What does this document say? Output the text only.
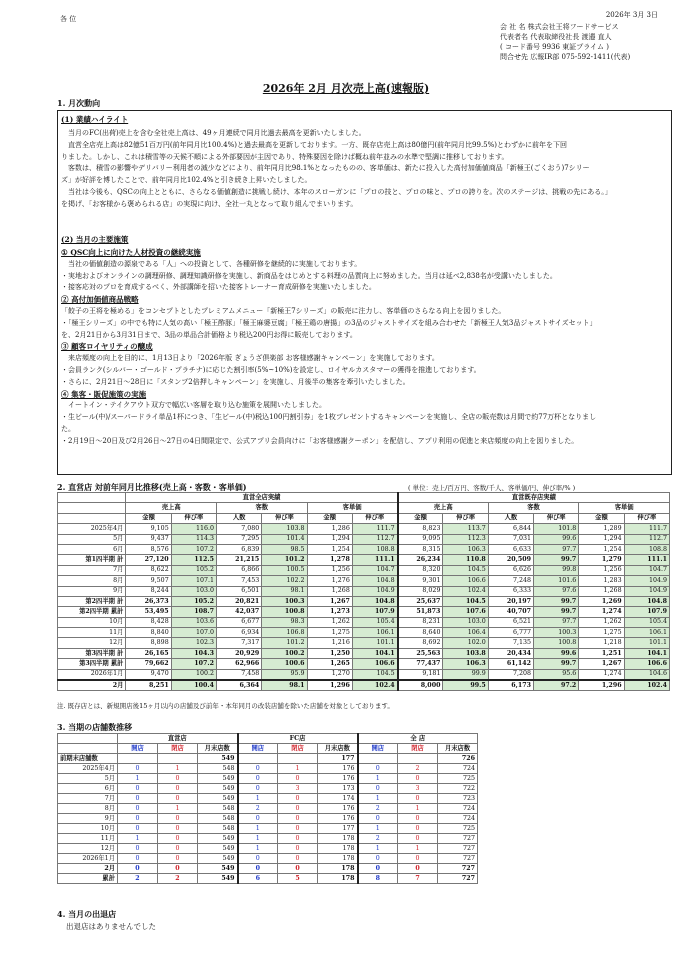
各 位	2026年 3月 3日
会 社 名 株式会社王将フードサービス
代表者名 代表取締役社長 渡邉 直人
( コード番号 9936 東証プライム )
問合せ先 広報IR部 075-592-1411(代表)
2026年 2月 月次売上高(速報版)
1. 月次動向
(1) 業績ハイライト
　当月のFC(出荷)売上を含む全社売上高は、49ヶ月連続で同月比過去最高を更新いたしました。
　直営全店売上高は82億51百万円(前年同月比100.4%)と過去最高を更新しております。一方、既存店売上高は80億円(前年同月比99.5%)とわずかに前年を下回
りました。しかし、これは積雪等の天候不順による外部要因が主因であり、特殊要因を除けば概ね前年並みの水準で堅調に推移しております。
　客数は、積雪の影響やデリバリー利用者の減少などにより、前年同月比98.1%となったものの、客単価は、新たに投入した高付加価値商品「新極王(ごくおう)7シリー
ズ」が好評を博したことで、前年同月比102.4%と引き続き上昇いたしました。
　当社は今後も、QSCの向上とともに、さらなる価値創造に挑戦し続け、本年のスローガンに「プロの技と、プロの味と、プロの誇りを。次のステージは、挑戦の先にある。」
を掲げ、「お客様から褒められる店」の実現に向け、全社一丸となって取り組んでまいります。
(2) 当月の主要施策
① QSC向上に向けた人材投資の継続実施
　当社の価値創造の源泉である「人」への投資として、各種研修を継続的に実施しております。
・実地およびオンラインの調理研修、調理知識研修を実施し、新商品をはじめとする料理の品質向上に努めました。当月は延べ2,838名が受講いたしました。
・接客応対のプロを育成するべく、外部講師を招いた接客トレーナー育成研修を実施いたしました。
② 高付加価値商品戦略
「餃子の王将を極める」をコンセプトとしたプレミアムメニュー「新極王7シリーズ」の販売に注力し、客単価のさらなる向上を図りました。
・「極王シリーズ」の中でも特に人気の高い「極王酢豚」「極王麻婆豆腐」「極王鶏の唐揚」の3品のジャストサイズを組み合わせた「新極王人気3品ジャストサイズセット」
を、2月21日から3月31日まで、3品の単品合計価格より税込200円お得に販売しております。
③ 顧客ロイヤリティの醸成
　来店頻度の向上を目的に、1月13日より「2026年版 ぎょうざ倶楽部 お客様感謝キャンペーン」を実施しております。
・会員ランク(シルバー・ゴールド・プラチナ)に応じた割引率(5%~10%)を設定し、ロイヤルカスタマーの獲得を推進しております。
・さらに、2月21日～28日に「スタンプ2倍押しキャンペーン」を実施し、月後半の集客を牽引いたしました。
④ 集客・販促施策の実施
　イートイン・テイクアウト双方で幅広い客層を取り込む施策を展開いたしました。
・生ビール(中)/スーパードライ単品1杯につき、「生ビール(中)税込100円割引券」を1枚プレゼントするキャンペーンを実施し、全店の販売数は月間で約77万杯となりまし
た。
・2月19日～20日及び2月26日～27日の4日間限定で、公式アプリ会員向けに「お客様感謝クーポン」を配信し、アプリ利用の促進と来店頻度の向上を図りました。
2. 直営店 対前年同月比推移(売上高・客数・客単価)	( 単位：売上/百万円、客数/千人、客単価/円、伸び率/% )
	直営全店実績						直営既存店実績					
	売上高		客数		客単価		売上高		客数		客単価	
	金額	伸び率	人数	伸び率	金額	伸び率	金額	伸び率	人数	伸び率	金額	伸び率
2025年4月	9,105	116.0	7,080	103.8	1,286	111.7	8,823	113.7	6,844	101.8	1,289	111.7
5月	9,437	114.3	7,295	101.4	1,294	112.7	9,095	112.3	7,031	99.6	1,294	112.7
6月	8,576	107.2	6,839	98.5	1,254	108.8	8,315	106.3	6,633	97.7	1,254	108.8
第1四半期 計	27,120	112.5	21,215	101.2	1,278	111.1	26,234	110.8	20,509	99.7	1,279	111.1
7月	8,622	105.2	6,866	100.5	1,256	104.7	8,320	104.5	6,626	99.8	1,256	104.7
8月	9,507	107.1	7,453	102.2	1,276	104.8	9,301	106.6	7,248	101.6	1,283	104.9
9月	8,244	103.0	6,501	98.1	1,268	104.9	8,029	102.4	6,333	97.6	1,268	104.9
第2四半期 計	26,373	105.2	20,821	100.3	1,267	104.8	25,637	104.5	20,197	99.7	1,269	104.8
第2四半期 累計	53,495	108.7	42,037	100.8	1,273	107.9	51,873	107.6	40,707	99.7	1,274	107.9
10月	8,428	103.6	6,677	98.3	1,262	105.4	8,231	103.0	6,521	97.7	1,262	105.4
11月	8,840	107.0	6,934	106.8	1,275	106.1	8,640	106.4	6,777	100.3	1,275	106.1
12月	8,898	102.3	7,317	101.2	1,216	101.1	8,692	102.0	7,135	100.8	1,218	101.1
第3四半期 計	26,165	104.3	20,929	100.2	1,250	104.1	25,563	103.8	20,434	99.6	1,251	104.1
第3四半期 累計	79,662	107.2	62,966	100.6	1,265	106.6	77,437	106.3	61,142	99.7	1,267	106.6
2026年1月	9,470	100.2	7,458	95.9	1,270	104.5	9,181	99.9	7,208	95.6	1,274	104.6
2月	8,251	100.4	6,364	98.1	1,296	102.4	8,000	99.5	6,173	97.2	1,296	102.4
注. 既存店とは、新規開店後15ヶ月以内の店舗及び前年・本年同月の改装店舗を除いた店舗を対象としております。
3. 当期の店舗数推移
	直営店			FC店			全 店		
	開店	閉店	月末店数	開店	閉店	月末店数	開店	閉店	月末店数
前期末店舗数			549			177			726
2025年4月	0	1	548	0	1	176	0	2	724
5月	1	0	549	0	0	176	1	0	725
6月	0	0	549	0	3	173	0	3	722
7月	0	0	549	1	0	174	1	0	723
8月	0	1	548	2	0	176	2	1	724
9月	0	0	548	0	0	176	0	0	724
10月	0	0	548	1	0	177	1	0	725
11月	1	0	549	1	0	178	2	0	727
12月	0	0	549	1	0	178	1	1	727
2026年1月	0	0	549	0	0	178	0	0	727
2月	0	0	549	0	0	178	0	0	727
累計	2	2	549	6	5	178	8	7	727
4. 当月の出退店
出退店はありませんでした
